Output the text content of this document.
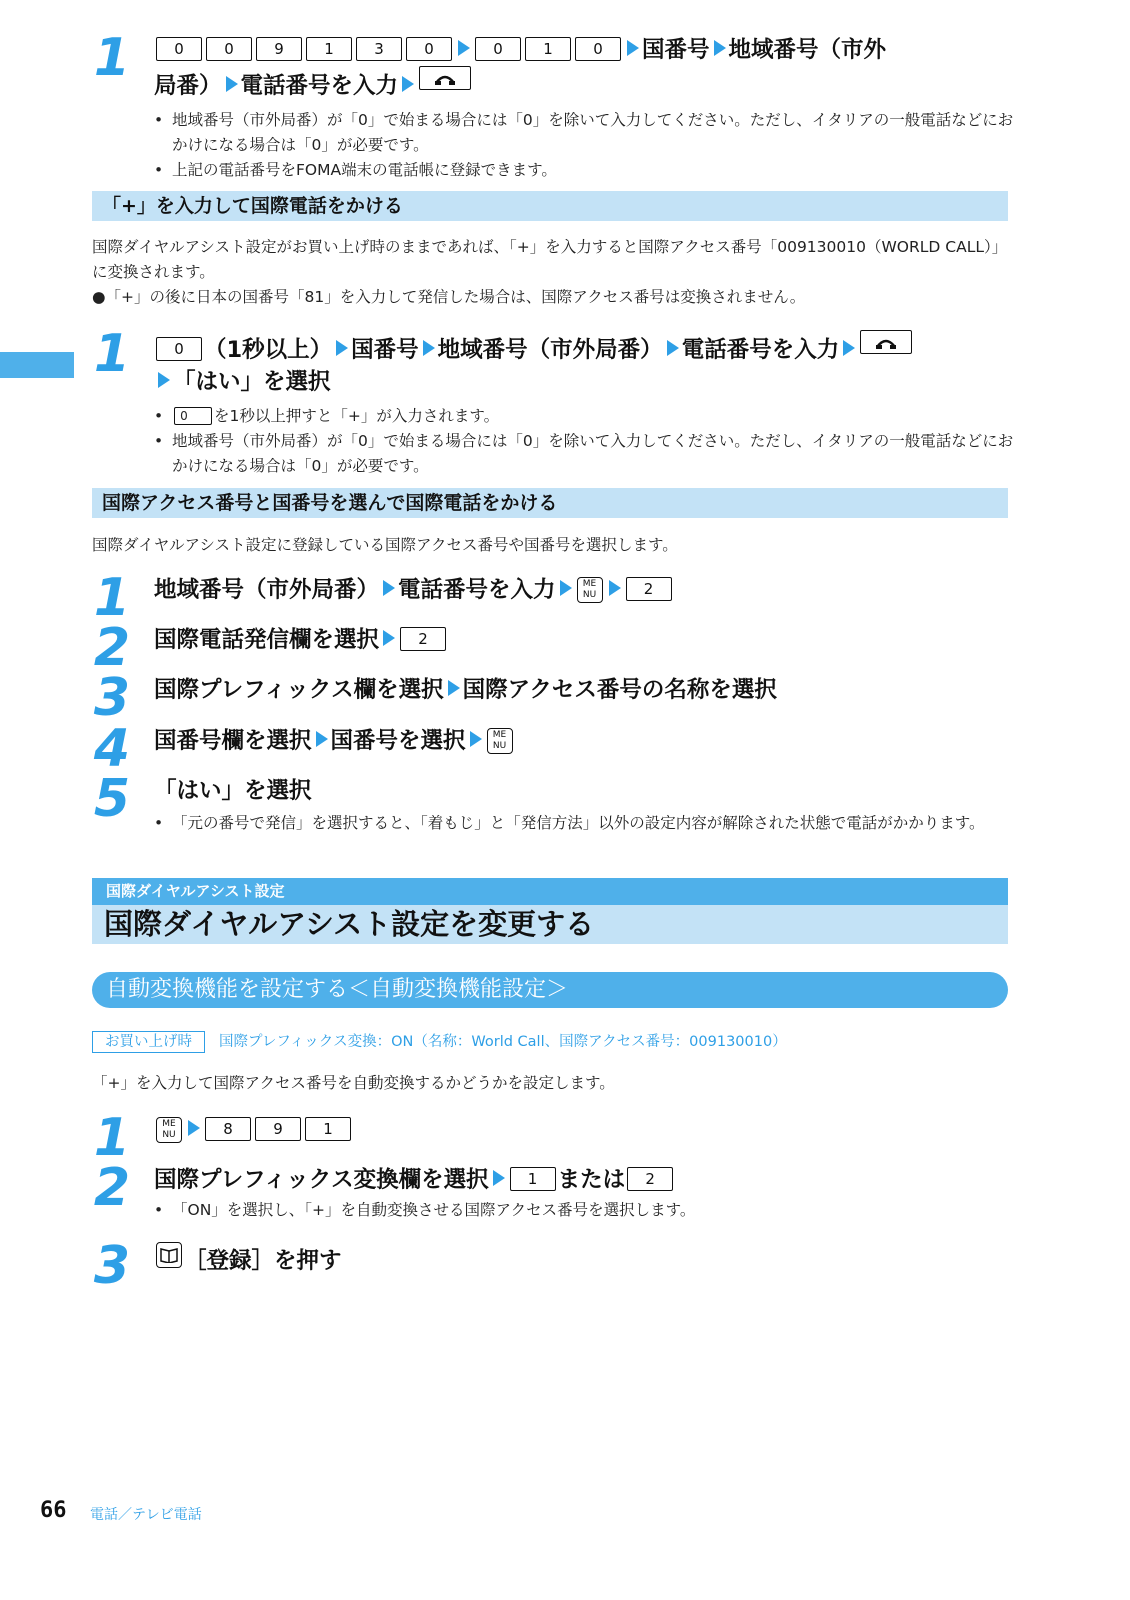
1	0	0	9	1	3	0	0	1	0 国番号 地域番号（市外
局番） 電話番号を入力
• 地域番号（市外局番）が「0」で始まる場合には「0」を除いて入力してください。ただし、イタリアの一般電話などにおかけになる場合は「0」が必要です。
• 上記の電話番号をFOMA端末の電話帳に登録できます。
「+」を入力して国際電話をかける
国際ダイヤルアシスト設定がお買い上げ時のままであれば、「+」を入力すると国際アクセス番号「009130010（WORLD CALL）」に変換されます。
●「+」の後に日本の国番号「81」を入力して発信した場合は、国際アクセス番号は変換されません。
1	0 （1秒以上） 国番号 地域番号（市外局番） 電話番号を入力

「はい」を選択
• 0 を1秒以上押すと「+」が入力されます。
• 地域番号（市外局番）が「0」で始まる場合には「0」を除いて入力してください。ただし、イタリアの一般電話などにおかけになる場合は「0」が必要です。
国際アクセス番号と国番号を選んで国際電話をかける
国際ダイヤルアシスト設定に登録している国際アクセス番号や国番号を選択します。
1 地域番号（市外局番） 電話番号を入力	ME
NU	2
2 国際電話発信欄を選択	2
3 国際プレフィックス欄を選択 国際アクセス番号の名称を選択
4 国番号欄を選択 国番号を選択	ME
NU
5 「はい」を選択
• 「元の番号で発信」を選択すると、「着もじ」と「発信方法」以外の設定内容が解除された状態で電話がかかります。
国際ダイヤルアシスト設定
国際ダイヤルアシスト設定を変更する
自動変換機能を設定する＜自動変換機能設定＞
お買い上げ時 国際プレフィックス変換：ON（名称：World Call、国際アクセス番号：009130010）
「+」を入力して国際アクセス番号を自動変換するかどうかを設定します。
1	ME
NU	8	9	1
2 国際プレフィックス変換欄を選択	1 または 2
• 「ON」を選択し、「+」を自動変換させる国際アクセス番号を選択します。
3	［登録］を押す
66 電話／テレビ電話
